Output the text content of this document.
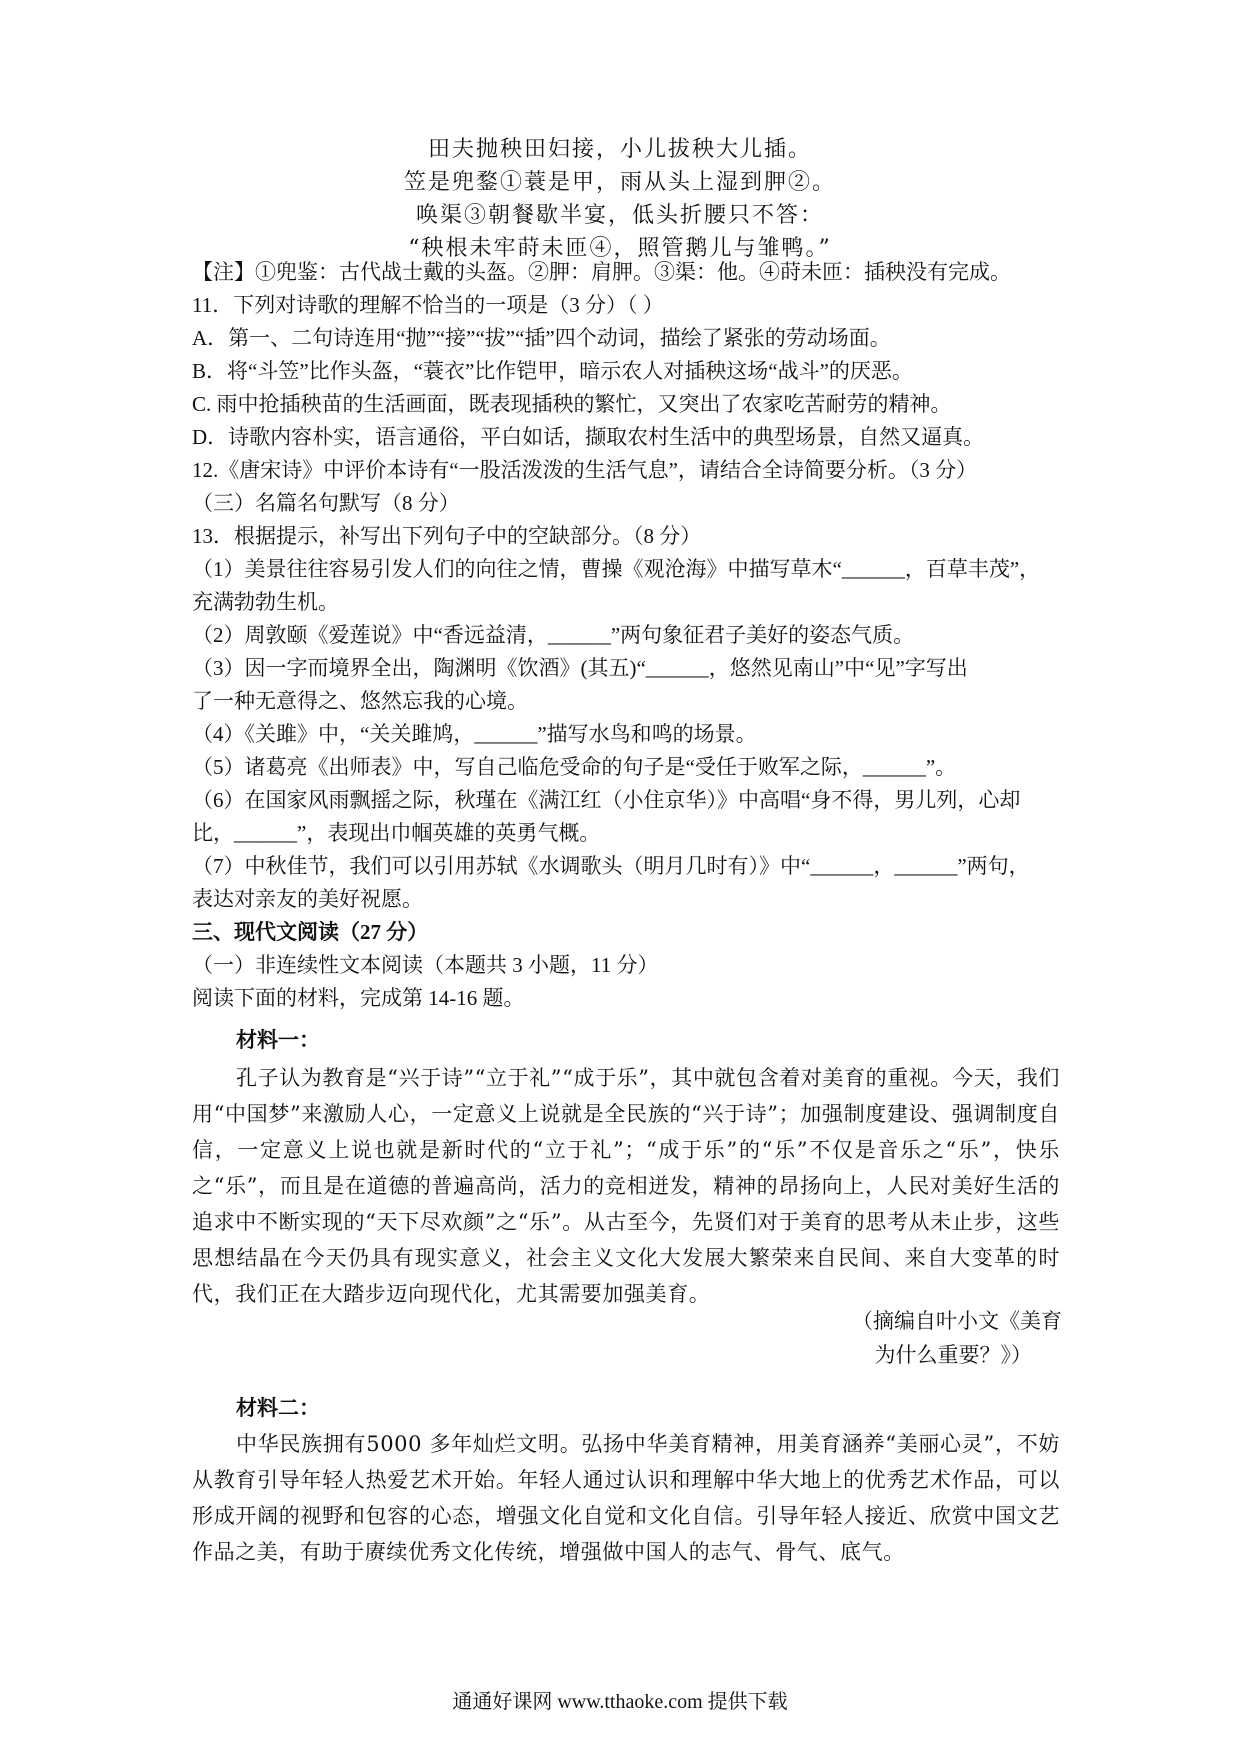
田夫抛秧田妇接，小儿拔秧大儿插。
笠是兜鍪①蓑是甲，雨从头上湿到胛②。
唤渠③朝餐歇半宴，低头折腰只不答：
“秧根未牢莳未匝④，照管鹅儿与雏鸭。”
【注】①兜鉴：古代战士戴的头盔。②胛：肩胛。③渠：他。④莳未匝：插秧没有完成。
11．下列对诗歌的理解不恰当的一项是（3 分）（ ）
A．第一、二句诗连用“抛”“接”“拔”“插”四个动词，描绘了紧张的劳动场面。
B．将“斗笠”比作头盔，“蓑衣”比作铠甲，暗示农人对插秧这场“战斗”的厌恶。
C. 雨中抢插秧苗的生活画面，既表现插秧的繁忙，又突出了农家吃苦耐劳的精神。
D．诗歌内容朴实，语言通俗，平白如话，撷取农村生活中的典型场景，自然又逼真。
12.《唐宋诗》中评价本诗有“一股活泼泼的生活气息”，请结合全诗简要分析。（3 分）
（三）名篇名句默写（8 分）
13．根据提示，补写出下列句子中的空缺部分。（8 分）
（1）美景往往容易引发人们的向往之情，曹操《观沧海》中描写草木“______，百草丰茂”，
充满勃勃生机。
（2）周敦颐《爱莲说》中“香远益清，______”两句象征君子美好的姿态气质。
（3）因一字而境界全出，陶渊明《饮酒》(其五)“______，悠然见南山”中“见”字写出
了一种无意得之、悠然忘我的心境。
（4）《关雎》中，“关关雎鸠，______”描写水鸟和鸣的场景。
（5）诸葛亮《出师表》中，写自己临危受命的句子是“受任于败军之际，______”。
（6）在国家风雨飘摇之际，秋瑾在《满江红（小住京华）》中高唱“身不得，男儿列，心却
比，______”，表现出巾帼英雄的英勇气概。
（7）中秋佳节，我们可以引用苏轼《水调歌头（明月几时有）》中“______，______”两句，
表达对亲友的美好祝愿。
三、现代文阅读（27 分）
（一）非连续性文本阅读（本题共 3 小题，11 分）
阅读下面的材料，完成第 14-16 题。
材料一：
孔子认为教育是“兴于诗”“立于礼”“成于乐”，其中就包含着对美育的重视。今天，我们用“中国梦”来激励人心，一定意义上说就是全民族的“兴于诗”；加强制度建设、强调制度自信，一定意义上说也就是新时代的“立于礼”；“成于乐”的“乐”不仅是音乐之“乐”，快乐之“乐”，而且是在道德的普遍高尚，活力的竞相迸发，精神的昂扬向上，人民对美好生活的追求中不断实现的“天下尽欢颜”之“乐”。从古至今，先贤们对于美育的思考从未止步，这些思想结晶在今天仍具有现实意义，社会主义文化大发展大繁荣来自民间、来自大变革的时代，我们正在大踏步迈向现代化，尤其需要加强美育。
（摘编自叶小文《美育
为什么重要？》）
材料二：
中华民族拥有5000 多年灿烂文明。弘扬中华美育精神，用美育涵养“美丽心灵”，不妨从教育引导年轻人热爱艺术开始。年轻人通过认识和理解中华大地上的优秀艺术作品，可以形成开阔的视野和包容的心态，增强文化自觉和文化自信。引导年轻人接近、欣赏中国文艺作品之美，有助于赓续优秀文化传统，增强做中国人的志气、骨气、底气。
通通好课网 www.tthaoke.com 提供下载
